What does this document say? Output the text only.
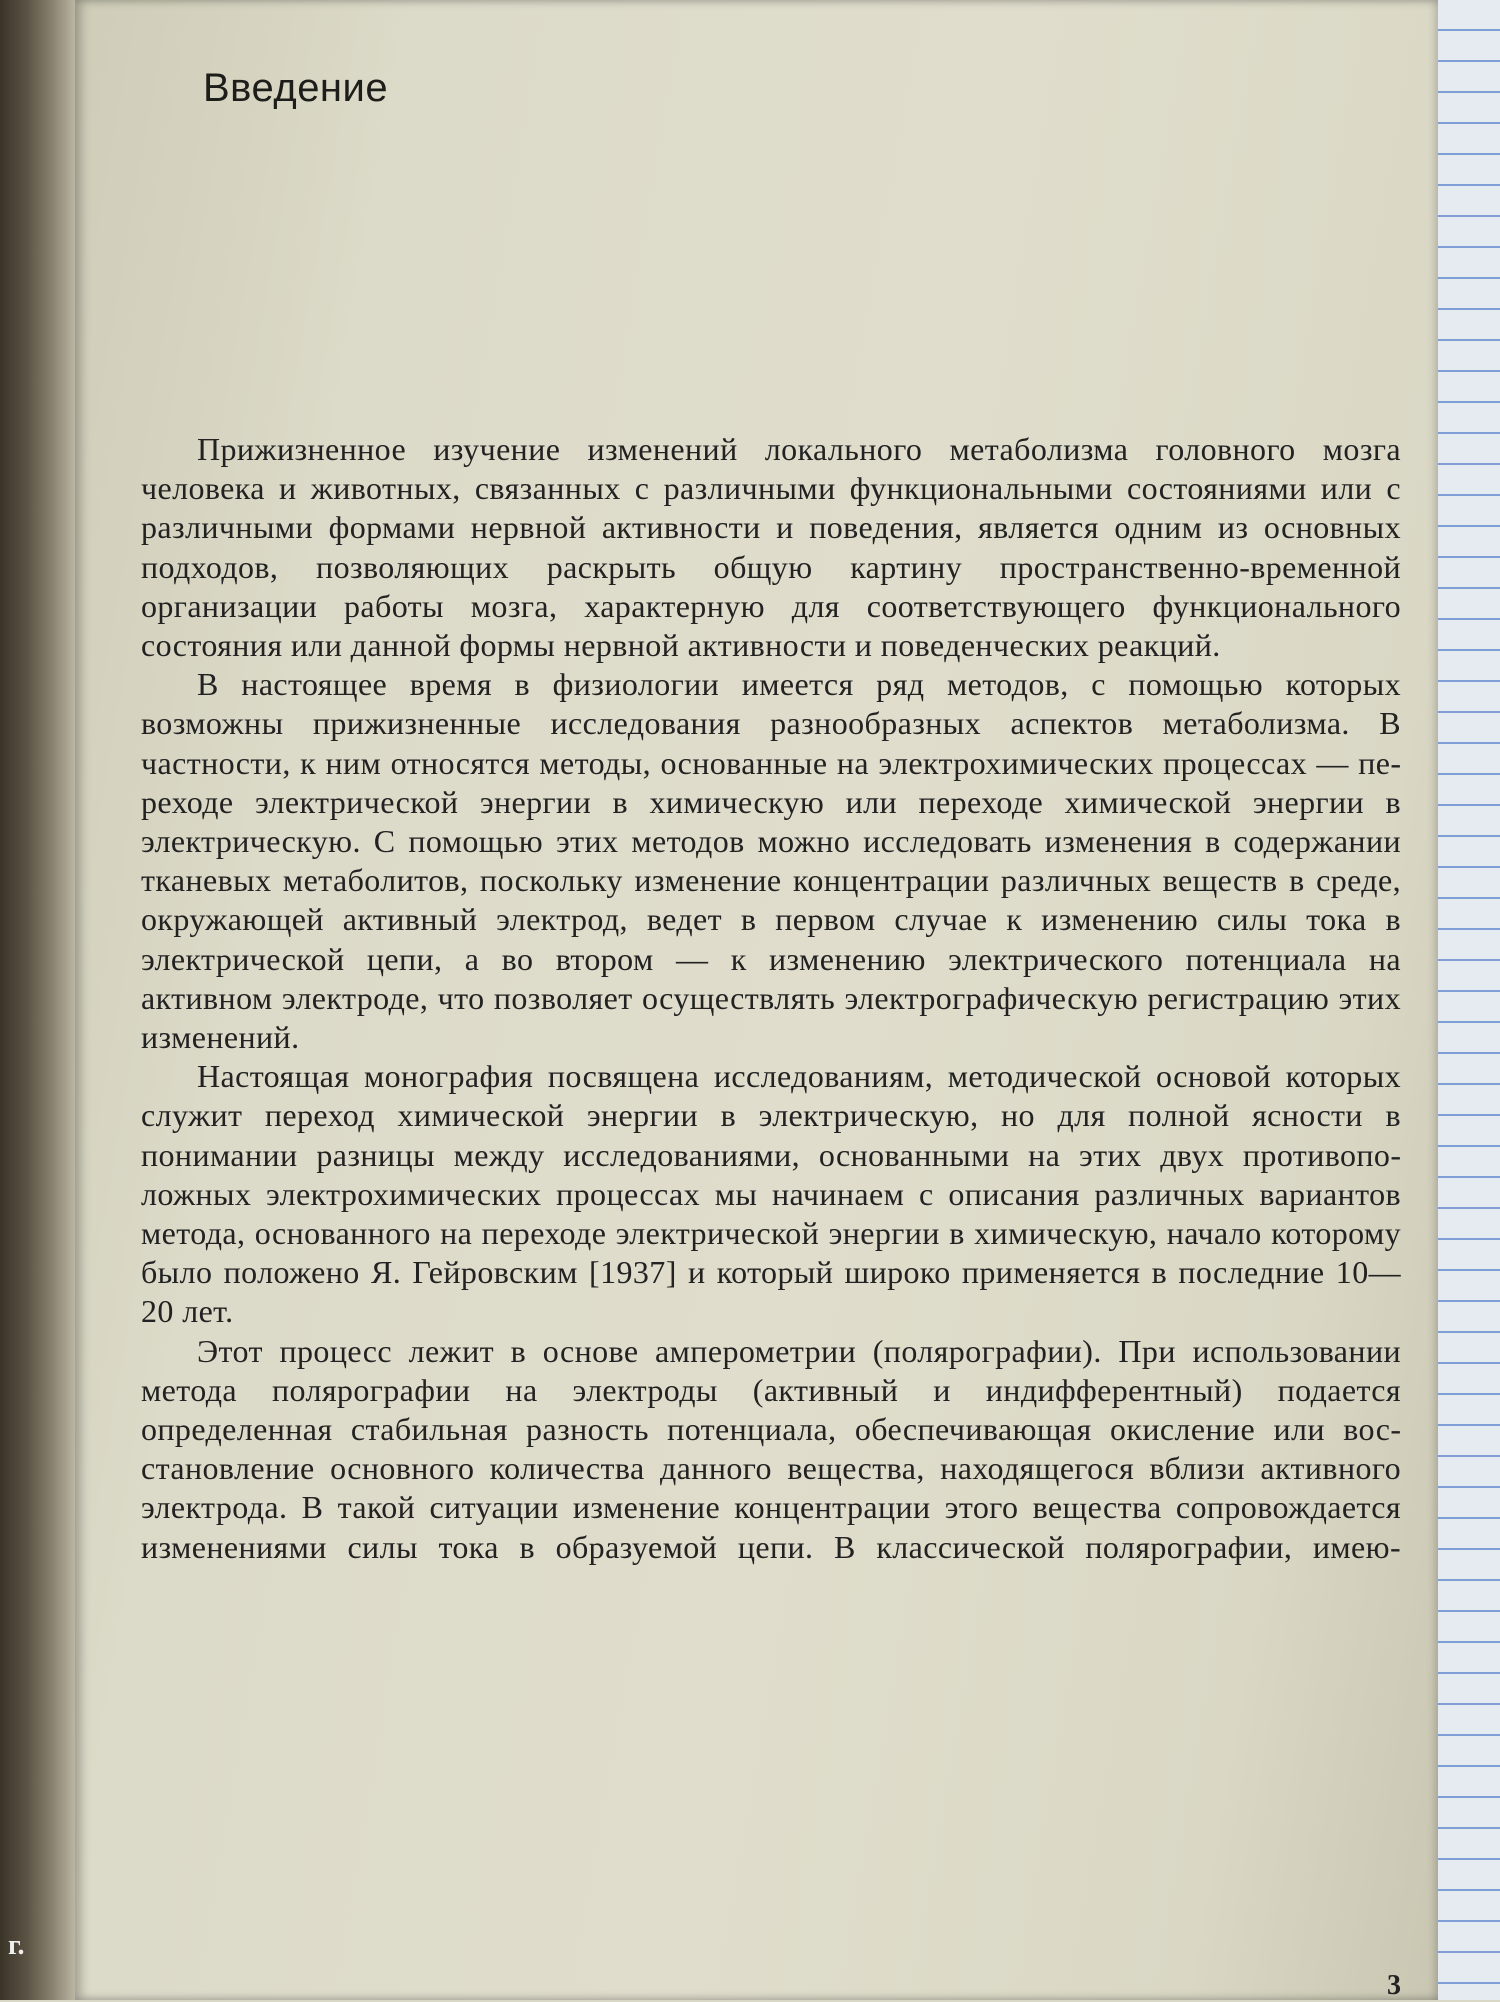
Введение

Прижизненное изучение изменений локального метаболизма головного мозга человека и животных, связанных с различными функциональными состояниями или с различными формами нервной активности и поведения, является одним из основных подходов, позволяющих раскрыть общую картину пространственно-временной организации работы мозга, характерную для соответствующего функционального состояния или данной формы нервной активности и поведенческих реакций.

В настоящее время в физиологии имеется ряд методов, с помощью которых возможны прижизненные исследования разнообразных аспектов метаболизма. В частности, к ним относятся методы, основанные на электрохимических процессах — переходе электрической энергии в химическую или переходе химической энергии в электрическую. С помощью этих методов можно исследовать изменения в содержании тканевых метаболитов, поскольку изменение концентрации различных веществ в среде, окружающей активный электрод, ведет в первом случае к изменению силы тока в электрической цепи, а во втором — к изменению электрического потенциала на активном электроде, что позволяет осуществлять электрографическую регистрацию этих изменений.

Настоящая монография посвящена исследованиям, методической основой которых служит переход химической энергии в электрическую, но для полной ясности в понимании разницы между исследованиями, основанными на этих двух противоположных электрохимических процессах мы начинаем с описания различных вариантов метода, основанного на переходе электрической энергии в химическую, начало которому было положено Я. Гейровским [1937] и который широко применяется в последние 10—20 лет.

Этот процесс лежит в основе амперометрии (полярографии). При использовании метода полярографии на электроды (активный и индифферентный) подается определенная стабильная разность потенциала, обеспечивающая окисление или восстановление основного количества данного вещества, находящегося вблизи активного электрода. В такой ситуации изменение концентрации этого вещества сопровождается изменениями силы тока в образуемой цепи. В классической полярографии, имею-

3
г.
